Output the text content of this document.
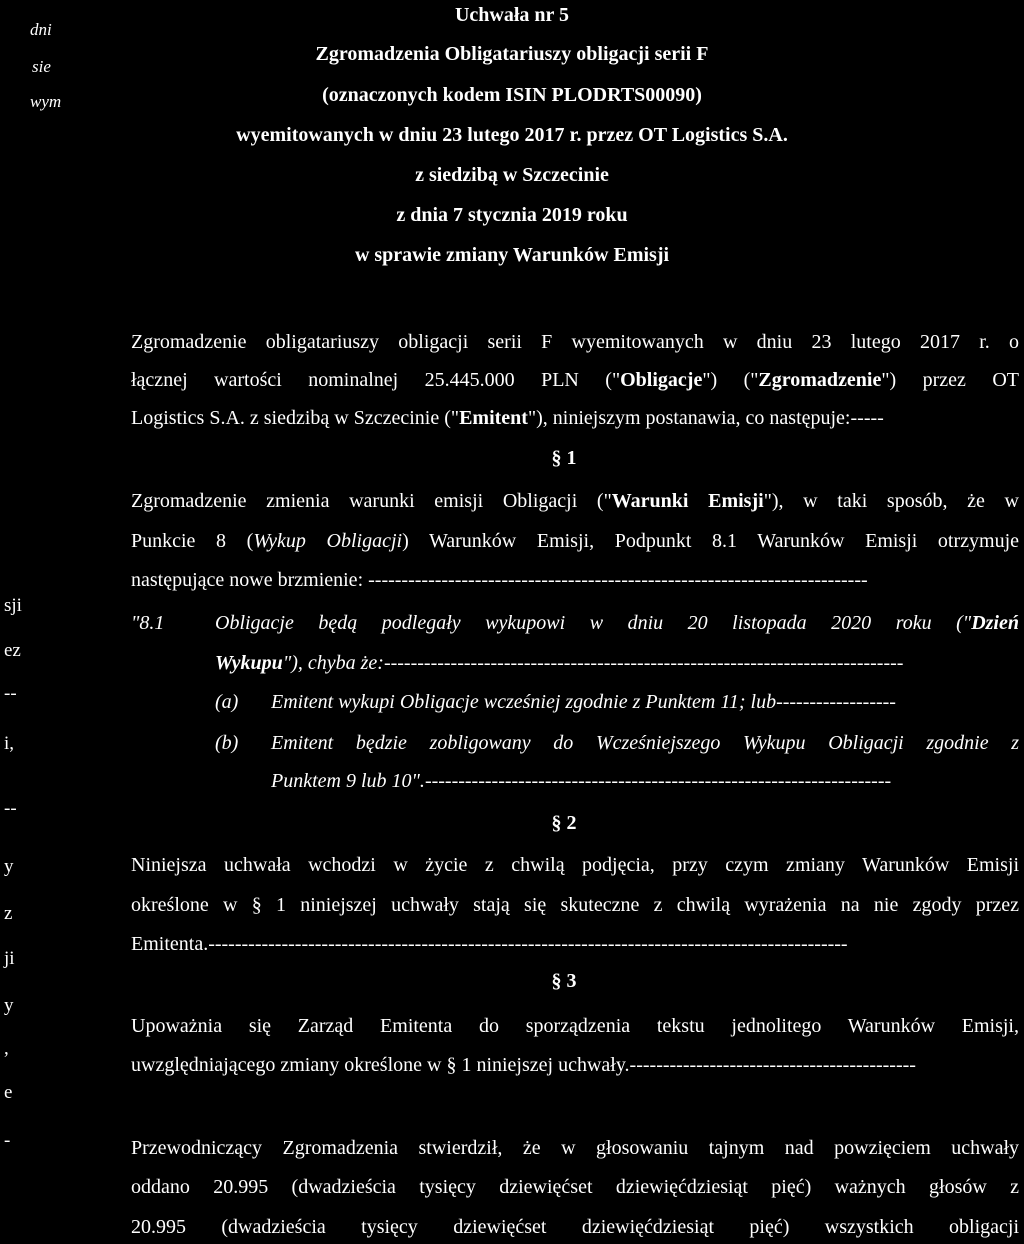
dni
sie
wym
sji
ez
--
i,
--
y
z
ji
y
,
e
-
Uchwała nr 5
Zgromadzenia Obligatariuszy obligacji serii F
(oznaczonych kodem ISIN PLODRTS00090)
wyemitowanych w dniu 23 lutego 2017 r. przez OT Logistics S.A.
z siedzibą w Szczecinie
z dnia 7 stycznia 2019 roku
w sprawie zmiany Warunków Emisji
Zgromadzenie obligatariuszy obligacji serii F wyemitowanych w dniu 23 lutego 2017 r. o
łącznej wartości nominalnej 25.445.000 PLN ("Obligacje") ("Zgromadzenie") przez OT
Logistics S.A. z siedzibą w Szczecinie ("Emitent"), niniejszym postanawia, co następuje:-----
§ 1
Zgromadzenie zmienia warunki emisji Obligacji ("Warunki Emisji"), w taki sposób, że w
Punkcie 8 (Wykup Obligacji) Warunków Emisji, Podpunkt 8.1 Warunków Emisji otrzymuje
następujące nowe brzmienie: ---------------------------------------------------------------------------
"8.1	Obligacje będą podlegały wykupowi w dniu 20 listopada 2020 roku ("Dzień
Wykupu"), chyba że:------------------------------------------------------------------------------
(a) Emitent wykupi Obligacje wcześniej zgodnie z Punktem 11; lub------------------
(b) Emitent będzie zobligowany do Wcześniejszego Wykupu Obligacji zgodnie z
Punktem 9 lub 10".----------------------------------------------------------------------
§ 2
Niniejsza uchwała wchodzi w życie z chwilą podjęcia, przy czym zmiany Warunków Emisji
określone w § 1 niniejszej uchwały stają się skuteczne z chwilą wyrażenia na nie zgody przez
Emitenta.------------------------------------------------------------------------------------------------
§ 3
Upoważnia się Zarząd Emitenta do sporządzenia tekstu jednolitego Warunków Emisji,
uwzględniającego zmiany określone w § 1 niniejszej uchwały.-------------------------------------------
Przewodniczący Zgromadzenia stwierdził, że w głosowaniu tajnym nad powzięciem uchwały
oddano 20.995 (dwadzieścia tysięcy dziewięćset dziewięćdziesiąt pięć) ważnych głosów z
20.995 (dwadzieścia tysięcy dziewięćset dziewięćdziesiąt pięć) wszystkich obligacji
